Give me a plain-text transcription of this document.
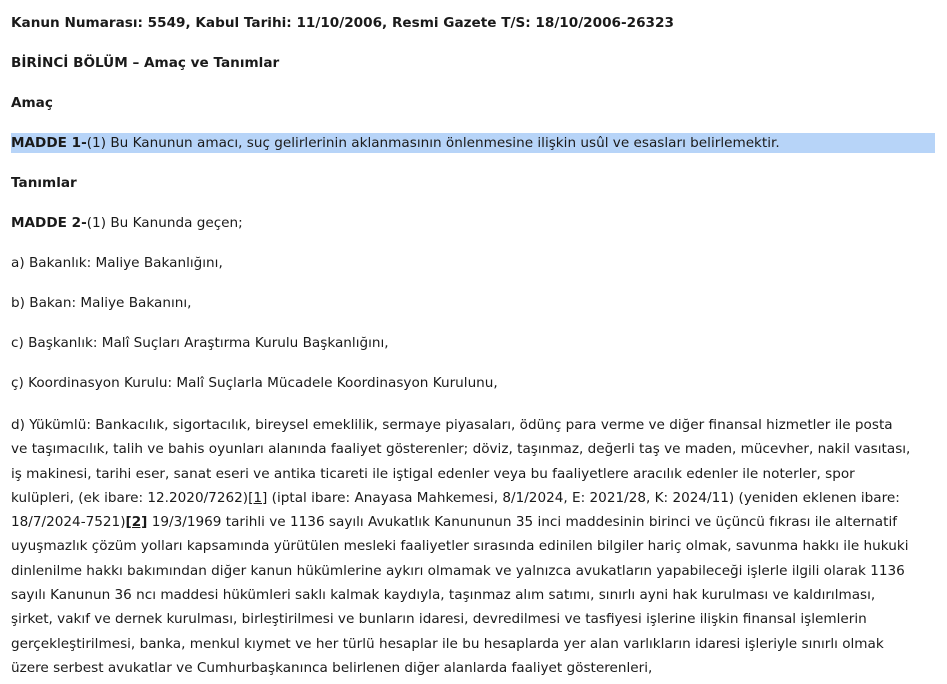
Kanun Numarası: 5549, Kabul Tarihi: 11/10/2006, Resmi Gazete T/S: 18/10/2006-26323

BİRİNCİ BÖLÜM – Amaç ve Tanımlar

Amaç

MADDE 1-(1) Bu Kanunun amacı, suç gelirlerinin aklanmasının önlenmesine ilişkin usûl ve esasları belirlemektir.

Tanımlar

MADDE 2-(1) Bu Kanunda geçen;

a) Bakanlık: Maliye Bakanlığını,

b) Bakan: Maliye Bakanını,

c) Başkanlık: Malî Suçları Araştırma Kurulu Başkanlığını,

ç) Koordinasyon Kurulu: Malî Suçlarla Mücadele Koordinasyon Kurulunu,

d) Yükümlü: Bankacılık, sigortacılık, bireysel emeklilik, sermaye piyasaları, ödünç para verme ve diğer finansal hizmetler ile posta ve taşımacılık, talih ve bahis oyunları alanında faaliyet gösterenler; döviz, taşınmaz, değerli taş ve maden, mücevher, nakil vasıtası, iş makinesi, tarihi eser, sanat eseri ve antika ticareti ile iştigal edenler veya bu faaliyetlere aracılık edenler ile noterler, spor kulüpleri, (ek ibare: 12.2020/7262)[1] (iptal ibare: Anayasa Mahkemesi, 8/1/2024, E: 2021/28, K: 2024/11) (yeniden eklenen ibare: 18/7/2024-7521)[2] 19/3/1969 tarihli ve 1136 sayılı Avukatlık Kanununun 35 inci maddesinin birinci ve üçüncü fıkrası ile alternatif uyuşmazlık çözüm yolları kapsamında yürütülen mesleki faaliyetler sırasında edinilen bilgiler hariç olmak, savunma hakkı ile hukuki dinlenilme hakkı bakımından diğer kanun hükümlerine aykırı olmamak ve yalnızca avukatların yapabileceği işlerle ilgili olarak 1136 sayılı Kanunun 36 ncı maddesi hükümleri saklı kalmak kaydıyla, taşınmaz alım satımı, sınırlı ayni hak kurulması ve kaldırılması, şirket, vakıf ve dernek kurulması, birleştirilmesi ve bunların idaresi, devredilmesi ve tasfiyesi işlerine ilişkin finansal işlemlerin gerçekleştirilmesi, banka, menkul kıymet ve her türlü hesaplar ile bu hesaplarda yer alan varlıkların idaresi işleriyle sınırlı olmak üzere serbest avukatlar ve Cumhurbaşkanınca belirlenen diğer alanlarda faaliyet gösterenleri,
